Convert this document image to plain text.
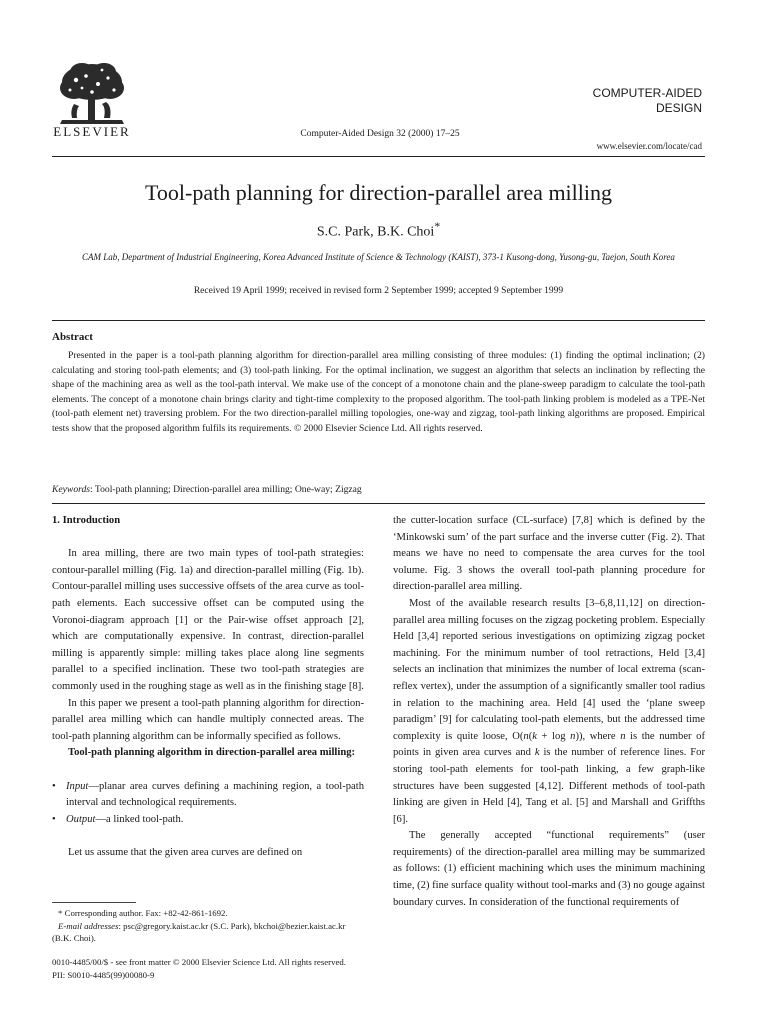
ELSEVIER	Computer-Aided Design 32 (2000) 17–25
COMPUTER-AIDED
DESIGN
www.elsevier.com/locate/cad
Tool-path planning for direction-parallel area milling
S.C. Park, B.K. Choi*
CAM Lab, Department of Industrial Engineering, Korea Advanced Institute of Science & Technology (KAIST), 373-1 Kusong-dong, Yusong-gu, Taejon, South Korea
Received 19 April 1999; received in revised form 2 September 1999; accepted 9 September 1999
Abstract

Presented in the paper is a tool-path planning algorithm for direction-parallel area milling consisting of three modules: (1) finding the optimal inclination; (2) calculating and storing tool-path elements; and (3) tool-path linking. For the optimal inclination, we suggest an algorithm that selects an inclination by reflecting the shape of the machining area as well as the tool-path interval. We make use of the concept of a monotone chain and the plane-sweep paradigm to calculate the tool-path elements. The concept of a monotone chain brings clarity and tight-time complexity to the proposed algorithm. The tool-path linking problem is modeled as a TPE-Net (tool-path element net) traversing problem. For the two direction-parallel milling topologies, one-way and zigzag, tool-path linking algorithms are proposed. Empirical tests show that the proposed algorithm fulfils its requirements. © 2000 Elsevier Science Ltd. All rights reserved.

Keywords: Tool-path planning; Direction-parallel area milling; One-way; Zigzag

1. Introduction

In area milling, there are two main types of tool-path strategies: contour-parallel milling (Fig. 1a) and direction-parallel milling (Fig. 1b). Contour-parallel milling uses successive offsets of the area curve as tool-path elements. Each successive offset can be computed using the Voronoi-diagram approach [1] or the Pair-wise offset approach [2], which are computationally expensive. In contrast, direction-parallel milling is apparently simple: milling takes place along line segments parallel to a specified inclination. These two tool-path strategies are commonly used in the roughing stage as well as in the finishing stage [8].

In this paper we present a tool-path planning algorithm for direction-parallel area milling which can handle multiply connected areas. The tool-path planning algorithm can be informally specified as follows.

Tool-path planning algorithm in direction-parallel area milling:

• Input—planar area curves defining a machining region, a tool-path interval and technological requirements.
• Output—a linked tool-path.

Let us assume that the given area curves are defined on

* Corresponding author. Fax: +82-42-861-1692.

E-mail addresses: psc@gregory.kaist.ac.kr (S.C. Park), bkchoi@bezier.kaist.ac.kr (B.K. Choi).

the cutter-location surface (CL-surface) [7,8] which is defined by the ‘Minkowski sum’ of the part surface and the inverse cutter (Fig. 2). That means we have no need to compensate the area curves for the tool volume. Fig. 3 shows the overall tool-path planning procedure for direction-parallel area milling.

Most of the available research results [3–6,8,11,12] on direction-parallel area milling focuses on the zigzag pocketing problem. Especially Held [3,4] reported serious investigations on optimizing zigzag pocket machining. For the minimum number of tool retractions, Held [3,4] selects an inclination that minimizes the number of local extrema (scan-reflex vertex), under the assumption of a significantly smaller tool radius in relation to the machining area. Held [4] used the ‘plane sweep paradigm’ [9] for calculating tool-path elements, but the addressed time complexity is quite loose, O(n(k + log n)), where n is the number of points in given area curves and k is the number of reference lines. For storing tool-path elements for tool-path linking, a few graph-like structures have been suggested [4,12]. Different methods of tool-path linking are given in Held [4], Tang et al. [5] and Marshall and Griffths [6].

The generally accepted “functional requirements” (user requirements) of the direction-parallel area milling may be summarized as follows: (1) efficient machining which uses the minimum machining time, (2) fine surface quality without tool-marks and (3) no gouge against boundary curves. In consideration of the functional requirements of

0010-4485/00/$ - see front matter © 2000 Elsevier Science Ltd. All rights reserved.

PII: S0010-4485(99)00080-9
